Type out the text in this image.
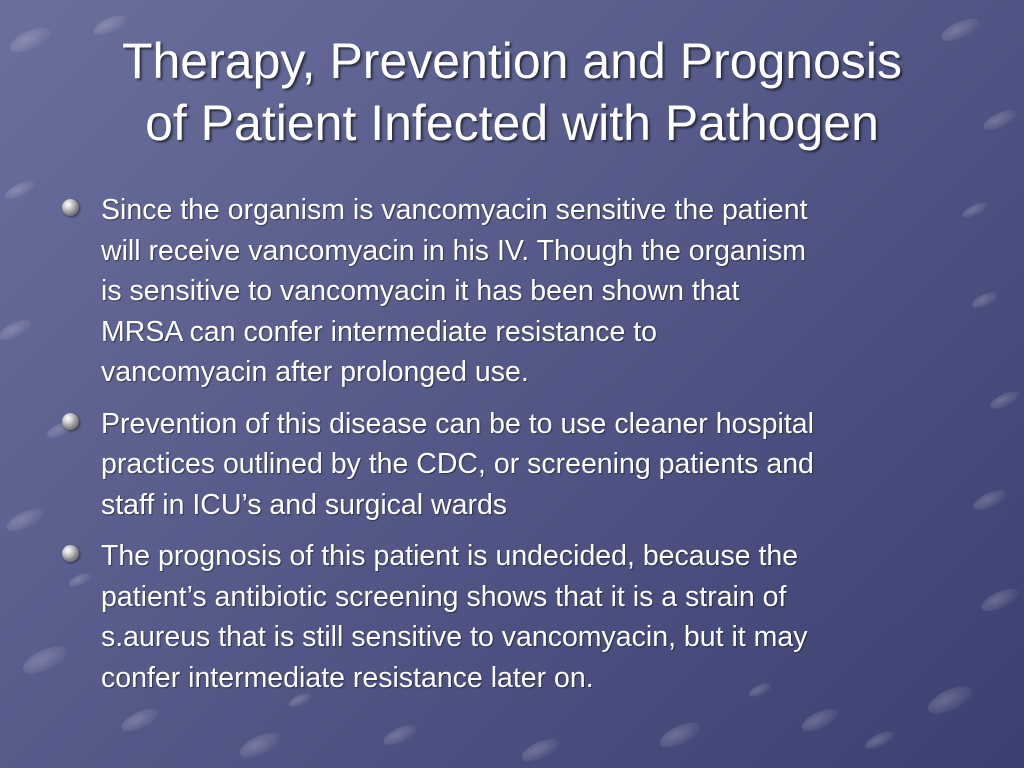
Therapy, Prevention and Prognosis
of Patient Infected with Pathogen
Since the organism is vancomyacin sensitive the patient
will receive vancomyacin in his IV. Though the organism
is sensitive to vancomyacin it has been shown that
MRSA can confer intermediate resistance to
vancomyacin after prolonged use.
Prevention of this disease can be to use cleaner hospital
practices outlined by the CDC, or screening patients and
staff in ICU’s and surgical wards
The prognosis of this patient is undecided, because the
patient’s antibiotic screening shows that it is a strain of
s.aureus that is still sensitive to vancomyacin, but it may
confer intermediate resistance later on.
